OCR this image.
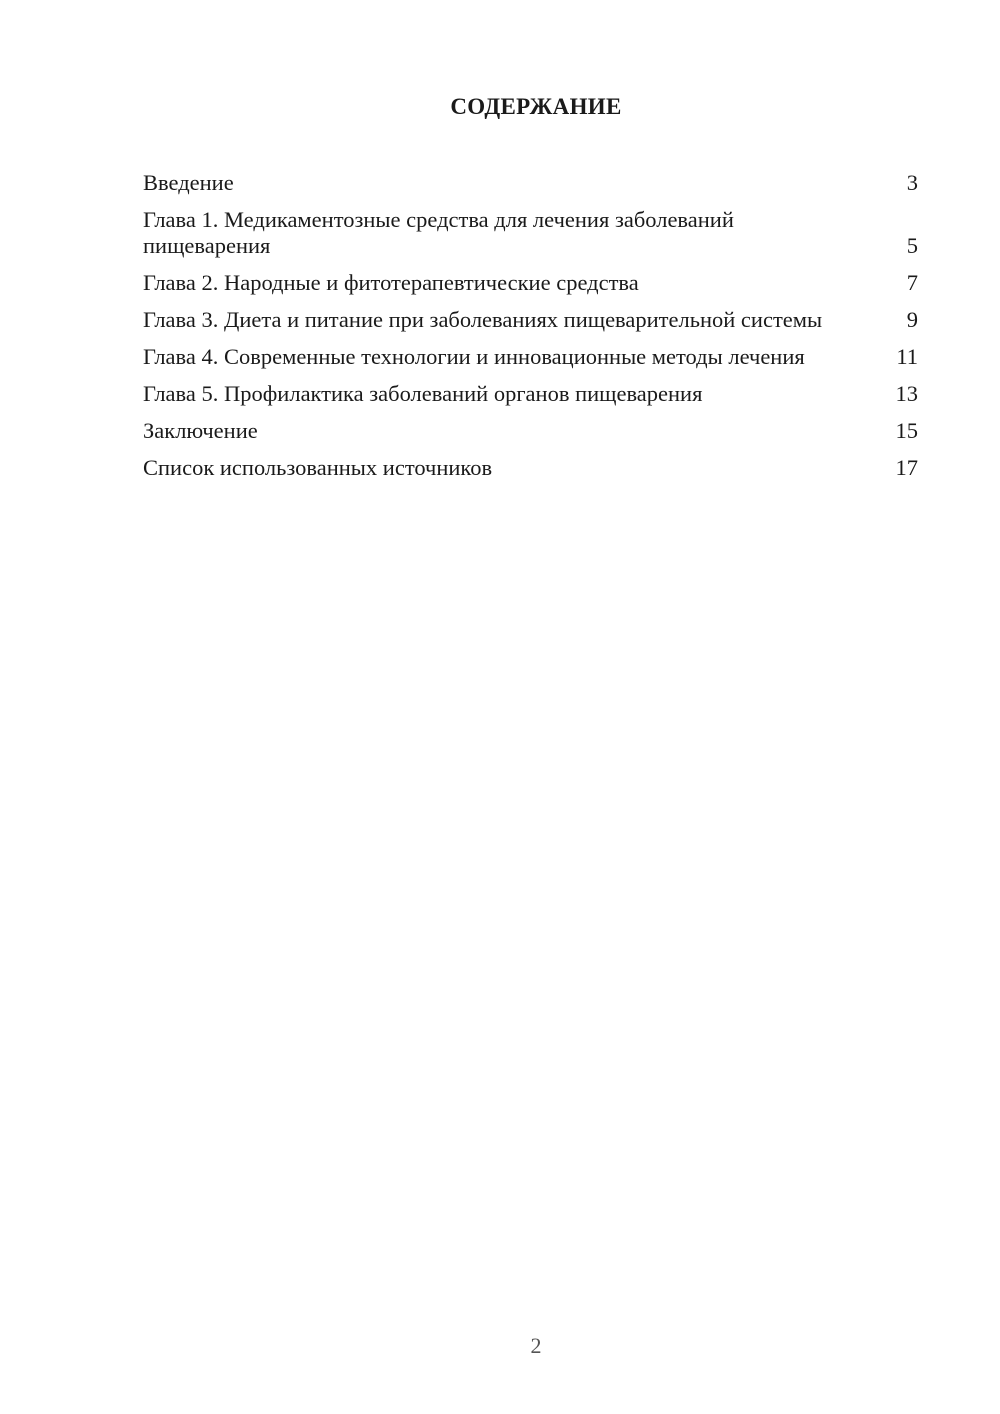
СОДЕРЖАНИЕ
Введение	3
Глава 1. Медикаментозные средства для лечения заболеваний пищеварения	5
Глава 2. Народные и фитотерапевтические средства	7
Глава 3. Диета и питание при заболеваниях пищеварительной системы	9
Глава 4. Современные технологии и инновационные методы лечения	11
Глава 5. Профилактика заболеваний органов пищеварения	13
Заключение	15
Список использованных источников	17
2
